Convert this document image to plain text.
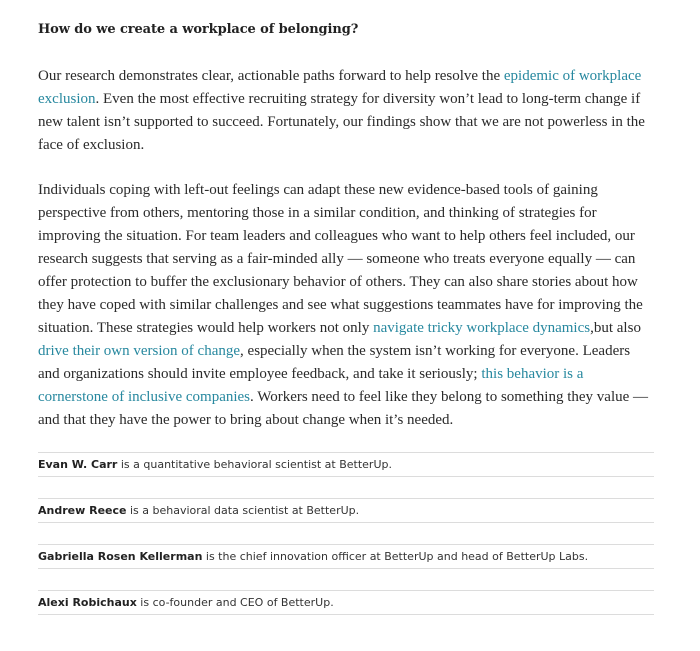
How do we create a workplace of belonging?

Our research demonstrates clear, actionable paths forward to help resolve the epidemic of workplace exclusion. Even the most effective recruiting strategy for diversity won’t lead to long-term change if new talent isn’t supported to succeed. Fortunately, our findings show that we are not powerless in the face of exclusion.

Individuals coping with left-out feelings can adapt these new evidence-based tools of gaining perspective from others, mentoring those in a similar condition, and thinking of strategies for improving the situation. For team leaders and colleagues who want to help others feel included, our research suggests that serving as a fair-minded ally — someone who treats everyone equally — can offer protection to buffer the exclusionary behavior of others. They can also share stories about how they have coped with similar challenges and see what suggestions teammates have for improving the situation. These strategies would help workers not only navigate tricky workplace dynamics,but also drive their own version of change, especially when the system isn’t working for everyone. Leaders and organizations should invite employee feedback, and take it seriously; this behavior is a cornerstone of inclusive companies. Workers need to feel like they belong to something they value — and that they have the power to bring about change when it’s needed.

Evan W. Carr is a quantitative behavioral scientist at BetterUp.
Andrew Reece is a behavioral data scientist at BetterUp.
Gabriella Rosen Kellerman is the chief innovation officer at BetterUp and head of BetterUp Labs.
Alexi Robichaux is co-founder and CEO of BetterUp.
